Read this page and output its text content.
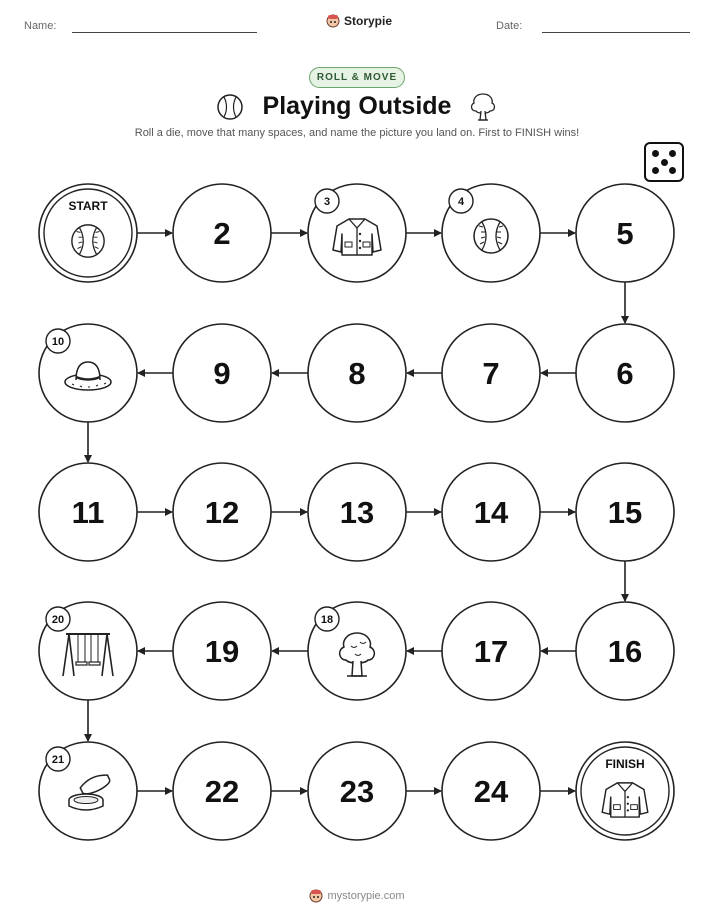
Name:	Storypie	Date:
ROLL & MOVE
Playing Outside
Roll a die, move that many spaces, and name the picture you land on. First to FINISH wins!
START
2
3	4
5
6
7
8
9
10
11	12	13	14	15
16
17
18
19
20
21
22	23	24
FINISH
mystorypie.com
